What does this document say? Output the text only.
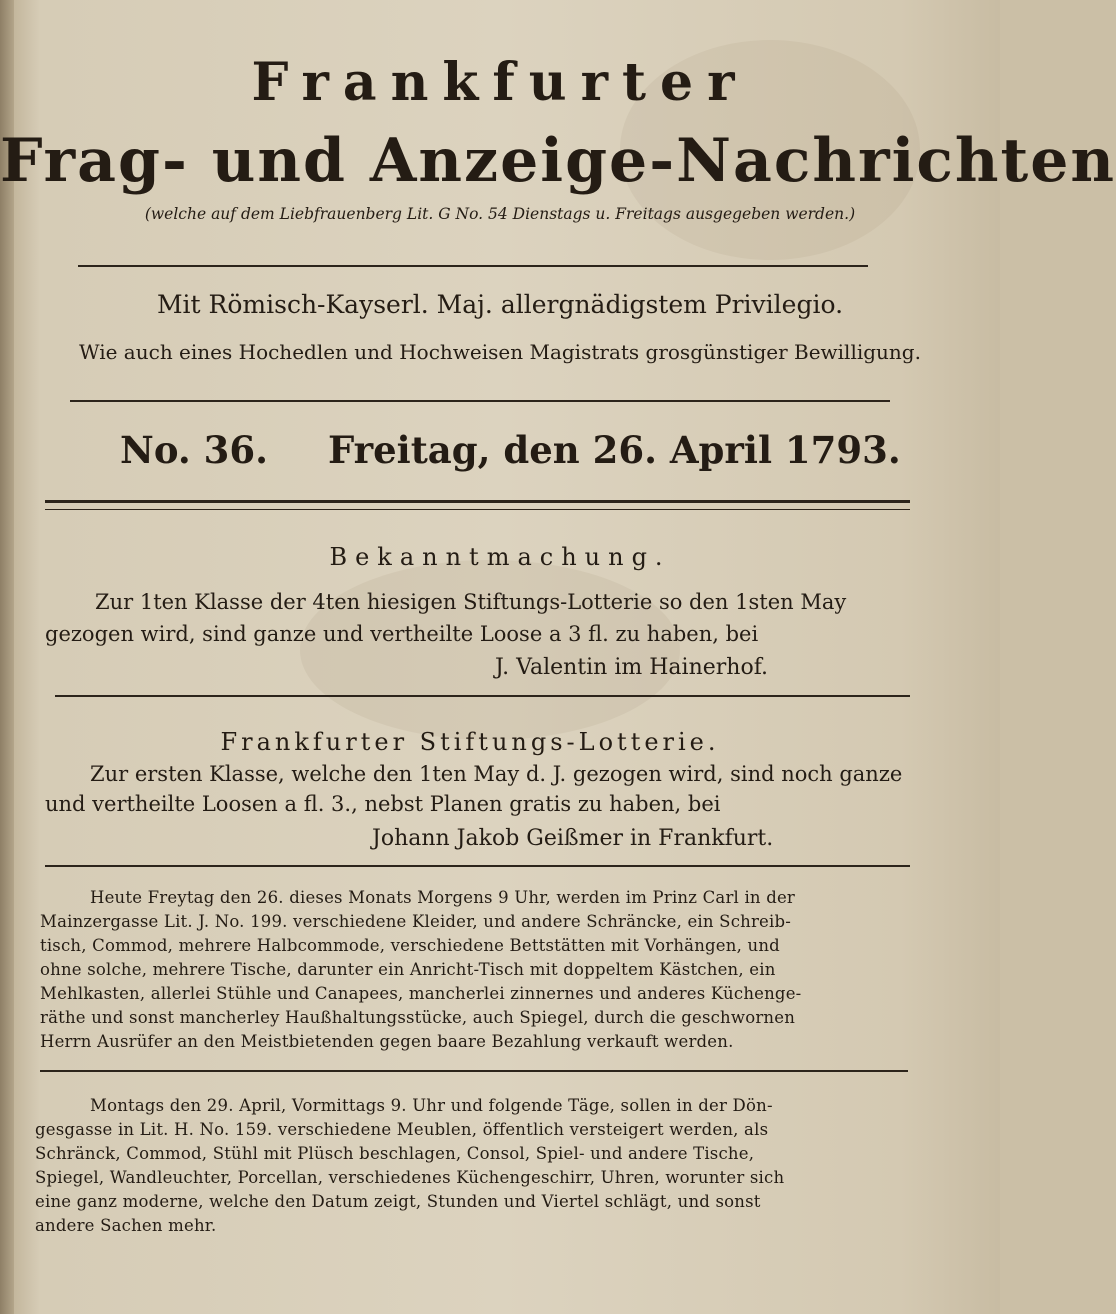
Frankfurter
Frag- und Anzeige-Nachrichten
(welche auf dem Liebfrauenberg Lit. G No. 54 Dienstags u. Freitags ausgegeben werden.)
Mit Römisch-Kayserl. Maj. allergnädigstem Privilegio.
Wie auch eines Hochedlen und Hochweisen Magistrats grosgünstiger Bewilligung.
No. 36. Freitag, den 26. April 1793.
Bekanntmachung.
Zur 1ten Klasse der 4ten hiesigen Stiftungs-Lotterie so den 1sten May
gezogen wird, sind ganze und vertheilte Loose a 3 fl. zu haben, bei
J. Valentin im Hainerhof.
Frankfurter Stiftungs-Lotterie.
Zur ersten Klasse, welche den 1ten May d. J. gezogen wird, sind noch ganze
und vertheilte Loosen a fl. 3., nebst Planen gratis zu haben, bei
Johann Jakob Geißmer in Frankfurt.
Heute Freytag den 26. dieses Monats Morgens 9 Uhr, werden im Prinz Carl in der
Mainzergasse Lit. J. No. 199. verschiedene Kleider, und andere Schräncke, ein Schreib-
tisch, Commod, mehrere Halbcommode, verschiedene Bettstätten mit Vorhängen, und
ohne solche, mehrere Tische, darunter ein Anricht-Tisch mit doppeltem Kästchen, ein
Mehlkasten, allerlei Stühle und Canapees, mancherlei zinnernes und anderes Küchenge-
räthe und sonst mancherley Haußhaltungsstücke, auch Spiegel, durch die geschwornen
Herrn Ausrüfer an den Meistbietenden gegen baare Bezahlung verkauft werden.
Montags den 29. April, Vormittags 9. Uhr und folgende Täge, sollen in der Dön-
gesgasse in Lit. H. No. 159. verschiedene Meublen, öffentlich versteigert werden, als
Schränck, Commod, Stühl mit Plüsch beschlagen, Consol, Spiel- und andere Tische,
Spiegel, Wandleuchter, Porcellan, verschiedenes Küchengeschirr, Uhren, worunter sich
eine ganz moderne, welche den Datum zeigt, Stunden und Viertel schlägt, und sonst
andere Sachen mehr.
